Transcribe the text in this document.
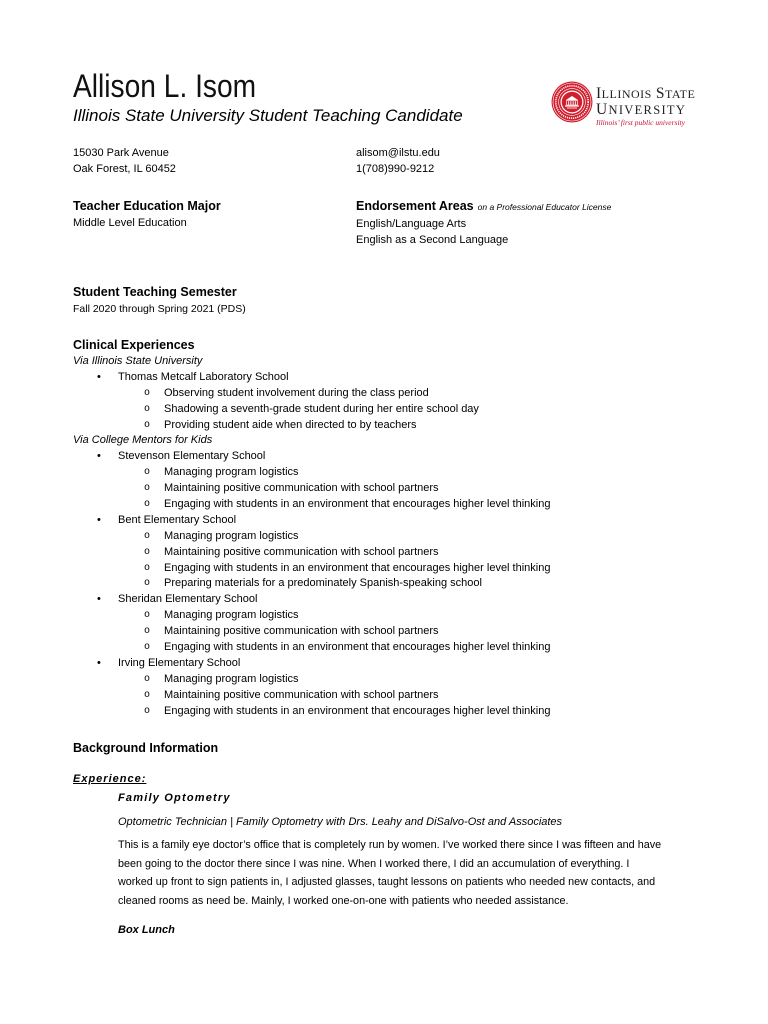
Allison L. Isom
Illinois State University Student Teaching Candidate
ILLINOIS STATE
UNIVERSITY
Illinois’ first public university
15030 Park Avenue
Oak Forest, IL 60452
alisom@ilstu.edu
1(708)990-9212
Teacher Education Major
Middle Level Education
Endorsement Areas on a Professional Educator License
English/Language Arts
English as a Second Language
Student Teaching Semester
Fall 2020 through Spring 2021 (PDS)
Clinical Experiences
Via Illinois State University
•
Thomas Metcalf Laboratory School
o
Observing student involvement during the class period
o
Shadowing a seventh-grade student during her entire school day
o
Providing student aide when directed to by teachers
Via College Mentors for Kids
•
Stevenson Elementary School
o
Managing program logistics
o
Maintaining positive communication with school partners
o
Engaging with students in an environment that encourages higher level thinking
•
Bent Elementary School
o
Managing program logistics
o
Maintaining positive communication with school partners
o
Engaging with students in an environment that encourages higher level thinking
o
Preparing materials for a predominately Spanish-speaking school
•
Sheridan Elementary School
o
Managing program logistics
o
Maintaining positive communication with school partners
o
Engaging with students in an environment that encourages higher level thinking
•
Irving Elementary School
o
Managing program logistics
o
Maintaining positive communication with school partners
o
Engaging with students in an environment that encourages higher level thinking
Background Information
Experience:
Family Optometry
Optometric Technician | Family Optometry with Drs. Leahy and DiSalvo-Ost and Associates
This is a family eye doctor’s office that is completely run by women. I’ve worked there since I was fifteen and have
been going to the doctor there since I was nine. When I worked there, I did an accumulation of everything. I
worked up front to sign patients in, I adjusted glasses, taught lessons on patients who needed new contacts, and
cleaned rooms as need be. Mainly, I worked one-on-one with patients who needed assistance.
Box Lunch
